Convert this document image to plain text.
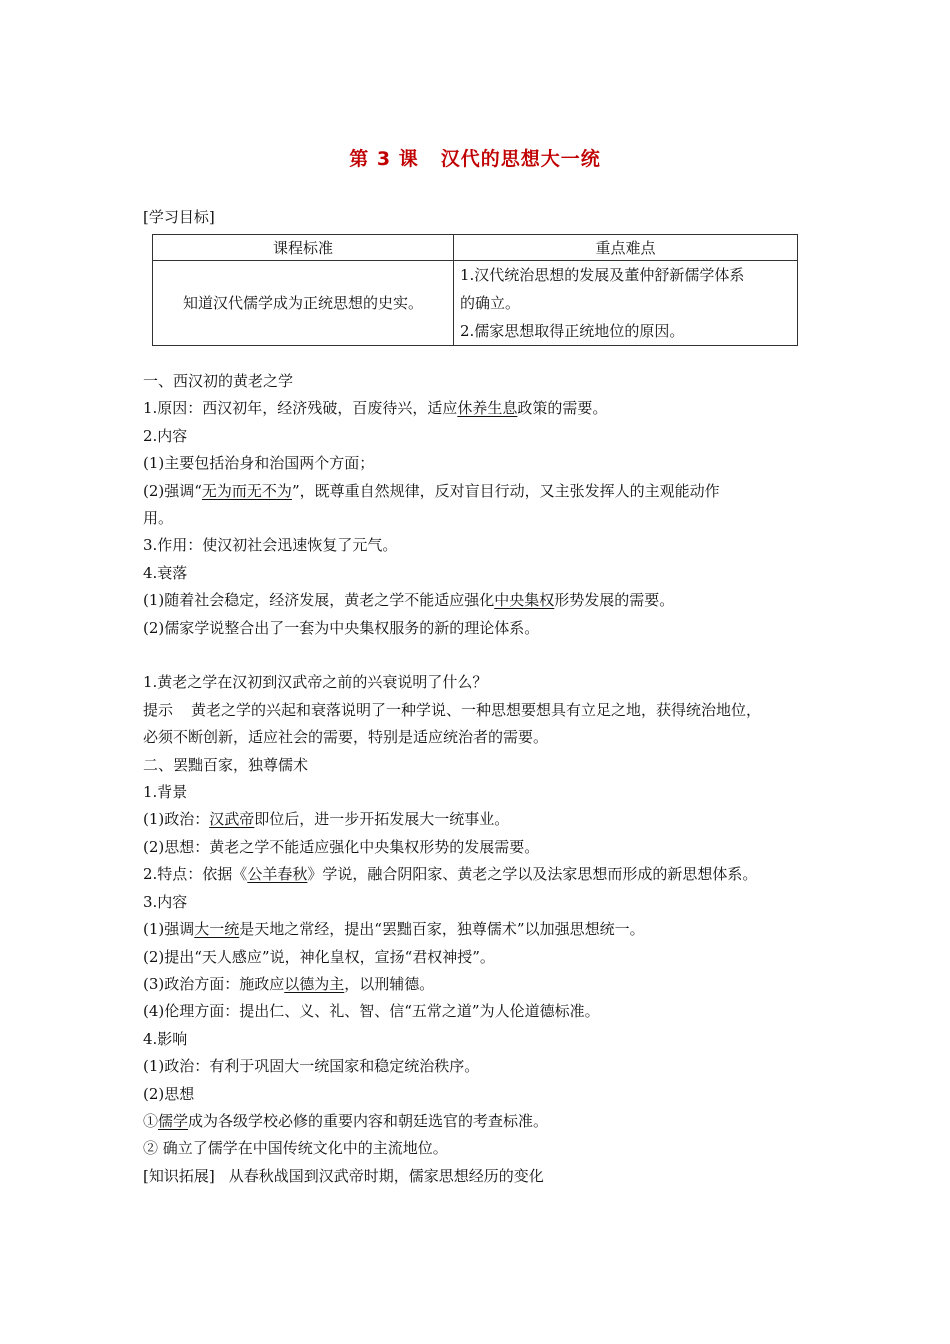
第 3 课 汉代的思想大一统
[学习目标]
课程标准	重点难点
知道汉代儒学成为正统思想的史实。	1.汉代统治思想的发展及董仲舒新儒学体系
的确立。
2.儒家思想取得正统地位的原因。
一、西汉初的黄老之学
1.原因：西汉初年，经济残破，百废待兴，适应休养生息政策的需要。
2.内容
(1)主要包括治身和治国两个方面；
(2)强调“无为而无不为”，既尊重自然规律，反对盲目行动，又主张发挥人的主观能动作
用。
3.作用：使汉初社会迅速恢复了元气。
4.衰落
(1)随着社会稳定，经济发展，黄老之学不能适应强化中央集权形势发展的需要。
(2)儒家学说整合出了一套为中央集权服务的新的理论体系。
1.黄老之学在汉初到汉武帝之前的兴衰说明了什么？
提示 黄老之学的兴起和衰落说明了一种学说、一种思想要想具有立足之地，获得统治地位，
必须不断创新，适应社会的需要，特别是适应统治者的需要。
二、罢黜百家，独尊儒术
1.背景
(1)政治：汉武帝即位后，进一步开拓发展大一统事业。
(2)思想：黄老之学不能适应强化中央集权形势的发展需要。
2.特点：依据《公羊春秋》学说，融合阴阳家、黄老之学以及法家思想而形成的新思想体系。
3.内容
(1)强调大一统是天地之常经，提出“罢黜百家，独尊儒术”以加强思想统一。
(2)提出“天人感应”说，神化皇权，宣扬“君权神授”。
(3)政治方面：施政应以德为主，以刑辅德。
(4)伦理方面：提出仁、义、礼、智、信“五常之道”为人伦道德标准。
4.影响
(1)政治：有利于巩固大一统国家和稳定统治秩序。
(2)思想
①儒学成为各级学校必修的重要内容和朝廷选官的考查标准。
② 确立了儒学在中国传统文化中的主流地位。
[知识拓展] 从春秋战国到汉武帝时期，儒家思想经历的变化
